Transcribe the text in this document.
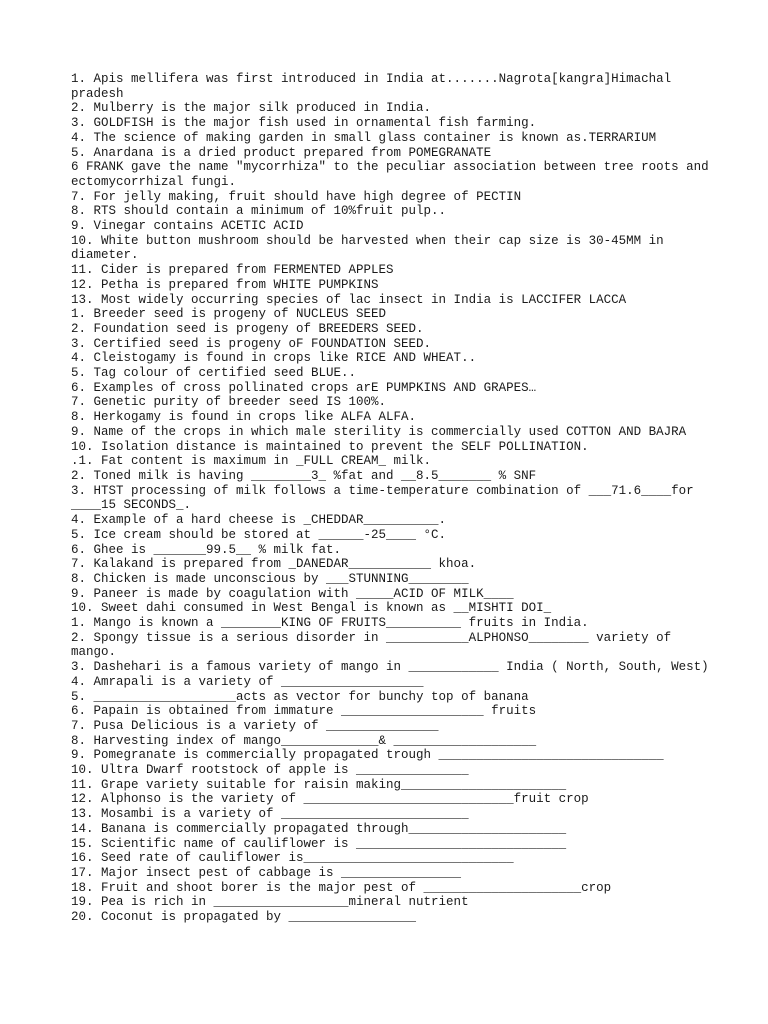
1. Apis mellifera was first introduced in India at.......Nagrota[kangra]Himachal pradesh
2. Mulberry is the major silk produced in India.
3. GOLDFISH is the major fish used in ornamental fish farming.
4. The science of making garden in small glass container is known as.TERRARIUM
5. Anardana is a dried product prepared from POMEGRANATE
6 FRANK gave the name "mycorrhiza" to the peculiar association between tree roots and ectomycorrhizal fungi.
7. For jelly making, fruit should have high degree of PECTIN
8. RTS should contain a minimum of 10%fruit pulp..
9. Vinegar contains ACETIC ACID
10. White button mushroom should be harvested when their cap size is 30-45MM in diameter.
11. Cider is prepared from FERMENTED APPLES
12. Petha is prepared from WHITE PUMPKINS
13. Most widely occurring species of lac insect in India is LACCIFER LACCA
1. Breeder seed is progeny of NUCLEUS SEED
2. Foundation seed is progeny of BREEDERS SEED.
3. Certified seed is progeny oF FOUNDATION SEED.
4. Cleistogamy is found in crops like RICE AND WHEAT..
5. Tag colour of certified seed BLUE..
6. Examples of cross pollinated crops arE PUMPKINS AND GRAPES…
7. Genetic purity of breeder seed IS 100%.
8. Herkogamy is found in crops like ALFA ALFA.
9. Name of the crops in which male sterility is commercially used COTTON AND BAJRA
10. Isolation distance is maintained to prevent the SELF POLLINATION.
.1. Fat content is maximum in _FULL CREAM_ milk.
2. Toned milk is having ________3_ %fat and __8.5_______ % SNF
3. HTST processing of milk follows a time-temperature combination of ___71.6____for ____15 SECONDS_.
4. Example of a hard cheese is _CHEDDAR__________.
5. Ice cream should be stored at ______-25____ °C.
6. Ghee is _______99.5__ % milk fat.
7. Kalakand is prepared from _DANEDAR___________ khoa.
8. Chicken is made unconscious by ___STUNNING________
9. Paneer is made by coagulation with _____ACID OF MILK____
10. Sweet dahi consumed in West Bengal is known as __MISHTI DOI_
1. Mango is known a ________KING OF FRUITS__________ fruits in India.
2. Spongy tissue is a serious disorder in ___________ALPHONSO________ variety of mango.
3. Dashehari is a famous variety of mango in ____________ India ( North, South, West)
4. Amrapali is a variety of ___________________
5. ___________________acts as vector for bunchy top of banana
6. Papain is obtained from immature ___________________ fruits
7. Pusa Delicious is a variety of _______________
8. Harvesting index of mango_____________& ___________________
9. Pomegranate is commercially propagated trough ______________________________
10. Ultra Dwarf rootstock of apple is _______________
11. Grape variety suitable for raisin making______________________
12. Alphonso is the variety of ____________________________fruit crop
13. Mosambi is a variety of _________________________
14. Banana is commercially propagated through_____________________
15. Scientific name of cauliflower is ____________________________
16. Seed rate of cauliflower is____________________________
17. Major insect pest of cabbage is ________________
18. Fruit and shoot borer is the major pest of _____________________crop
19. Pea is rich in __________________mineral nutrient
20. Coconut is propagated by _________________
